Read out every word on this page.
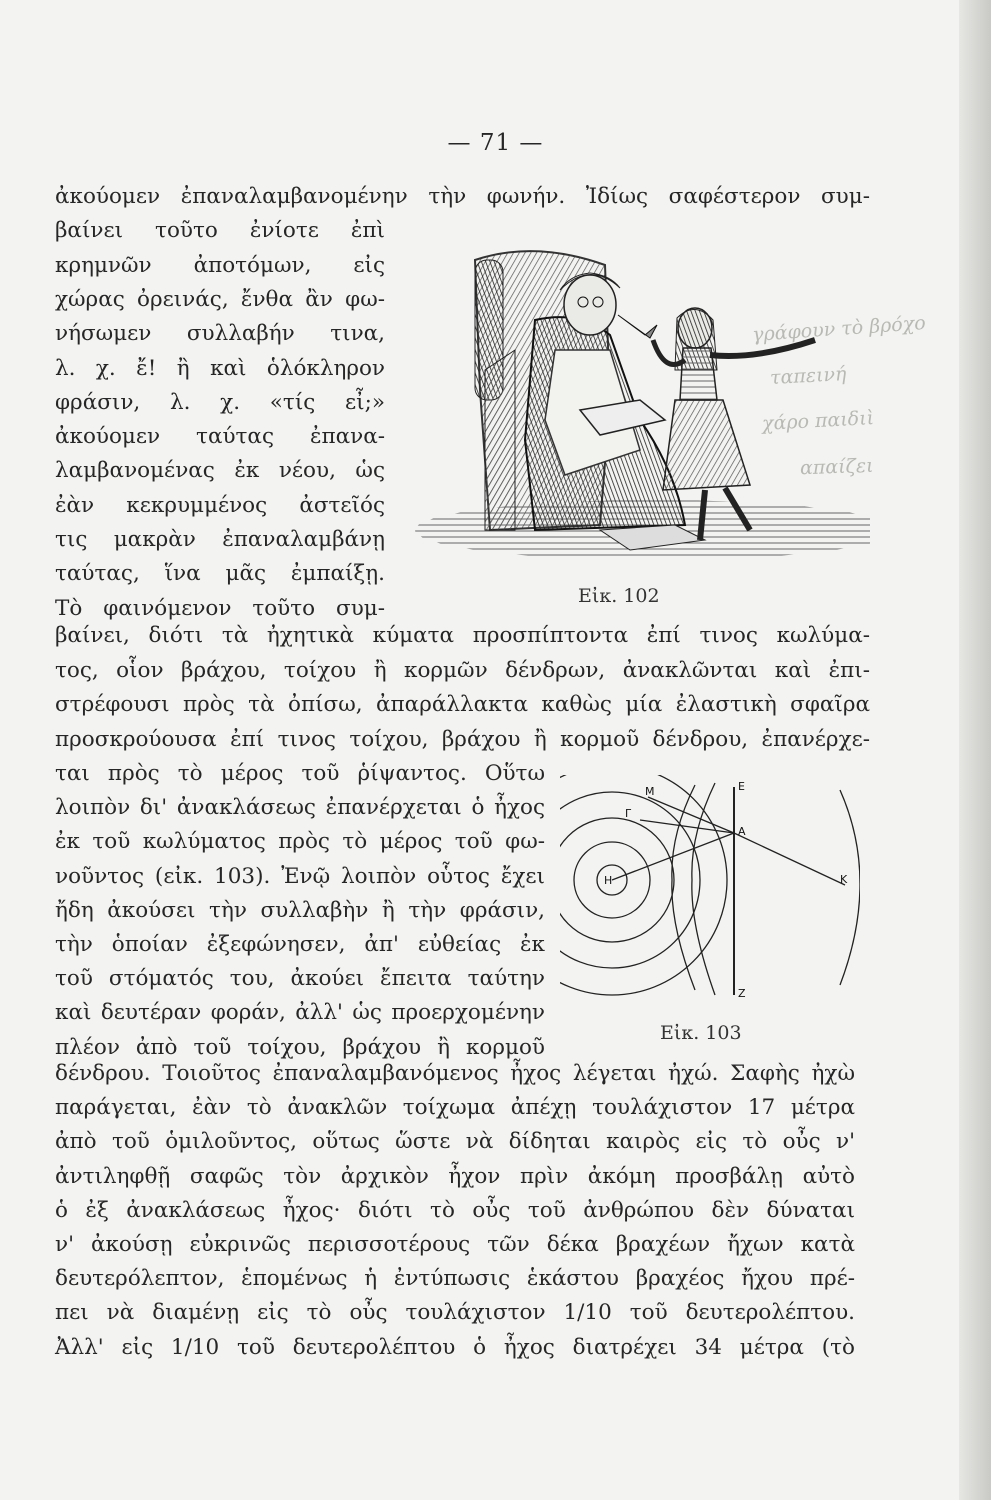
γράφουν τὸ βρόχο
ταπεινή
χάρο παιδιὶ
απαίζει
— 71 —
ἀκούομεν ἐπαναλαμβανομένην τὴν φωνήν. Ἰδίως σαφέστερον συμ-
βαίνει τοῦτο ἐνίοτε ἐπὶ
κρημνῶν ἀποτόμων, εἰς
χώρας ὀρεινάς, ἔνθα ἂν φω-
νήσωμεν συλλαβήν τινα,
λ. χ. ἔ! ἢ καὶ ὁλόκληρον
φράσιν, λ. χ. «τίς εἶ;»
ἀκούομεν ταύτας ἐπανα-
λαμβανομένας ἐκ νέου, ὡς
ἐὰν κεκρυμμένος ἀστεῖός
τις μακρὰν ἐπαναλαμβάνῃ
ταύτας, ἵνα μᾶς ἐμπαίξῃ.
Τὸ φαινόμενον τοῦτο συμ-	Εἰκ. 102
βαίνει, διότι τὰ ἠχητικὰ κύματα προσπίπτοντα ἐπί τινος κωλύμα-
τος, οἷον βράχου, τοίχου ἢ κορμῶν δένδρων, ἀνακλῶνται καὶ ἐπι-
στρέφουσι πρὸς τὰ ὀπίσω, ἀπαράλλακτα καθὼς μία ἐλαστικὴ σφαῖρα
προσκρούουσα ἐπί τινος τοίχου, βράχου ἢ κορμοῦ δένδρου, ἐπανέρχε-
M
Γ
Α
E
H	K
Z
Εἰκ. 103
ται πρὸς τὸ μέρος τοῦ ῥίψαντος. Οὕτω
λοιπὸν δι' ἀνακλάσεως ἐπανέρχεται ὁ ἦχος
ἐκ τοῦ κωλύματος πρὸς τὸ μέρος τοῦ φω-
νοῦντος (εἰκ. 103). Ἐνῷ λοιπὸν οὗτος ἔχει
ἤδη ἀκούσει τὴν συλλαβὴν ἢ τὴν φράσιν,
τὴν ὁποίαν ἐξεφώνησεν, ἀπ' εὐθείας ἐκ
τοῦ στόματός του, ἀκούει ἔπειτα ταύτην
καὶ δευτέραν φοράν, ἀλλ' ὡς προερχομένην
πλέον ἀπὸ τοῦ τοίχου, βράχου ἢ κορμοῦ
δένδρου. Τοιοῦτος ἐπαναλαμβανόμενος ἦχος λέγεται ἠχώ. Σαφὴς ἠχὼ
παράγεται, ἐὰν τὸ ἀνακλῶν τοίχωμα ἀπέχῃ τουλάχιστον 17 μέτρα
ἀπὸ τοῦ ὁμιλοῦντος, οὕτως ὥστε νὰ δίδηται καιρὸς εἰς τὸ οὖς ν'
ἀντιληφθῇ σαφῶς τὸν ἀρχικὸν ἦχον πρὶν ἀκόμη προσβάλῃ αὐτὸ
ὁ ἐξ ἀνακλάσεως ἦχος· διότι τὸ οὖς τοῦ ἀνθρώπου δὲν δύναται
ν' ἀκούσῃ εὐκρινῶς περισσοτέρους τῶν δέκα βραχέων ἤχων κατὰ
δευτερόλεπτον, ἑπομένως ἡ ἐντύπωσις ἑκάστου βραχέος ἤχου πρέ-
πει νὰ διαμένῃ εἰς τὸ οὖς τουλάχιστον 1/10 τοῦ δευτερολέπτου.
Ἀλλ' εἰς 1/10 τοῦ δευτερολέπτου ὁ ἦχος διατρέχει 34 μέτρα (τὸ
